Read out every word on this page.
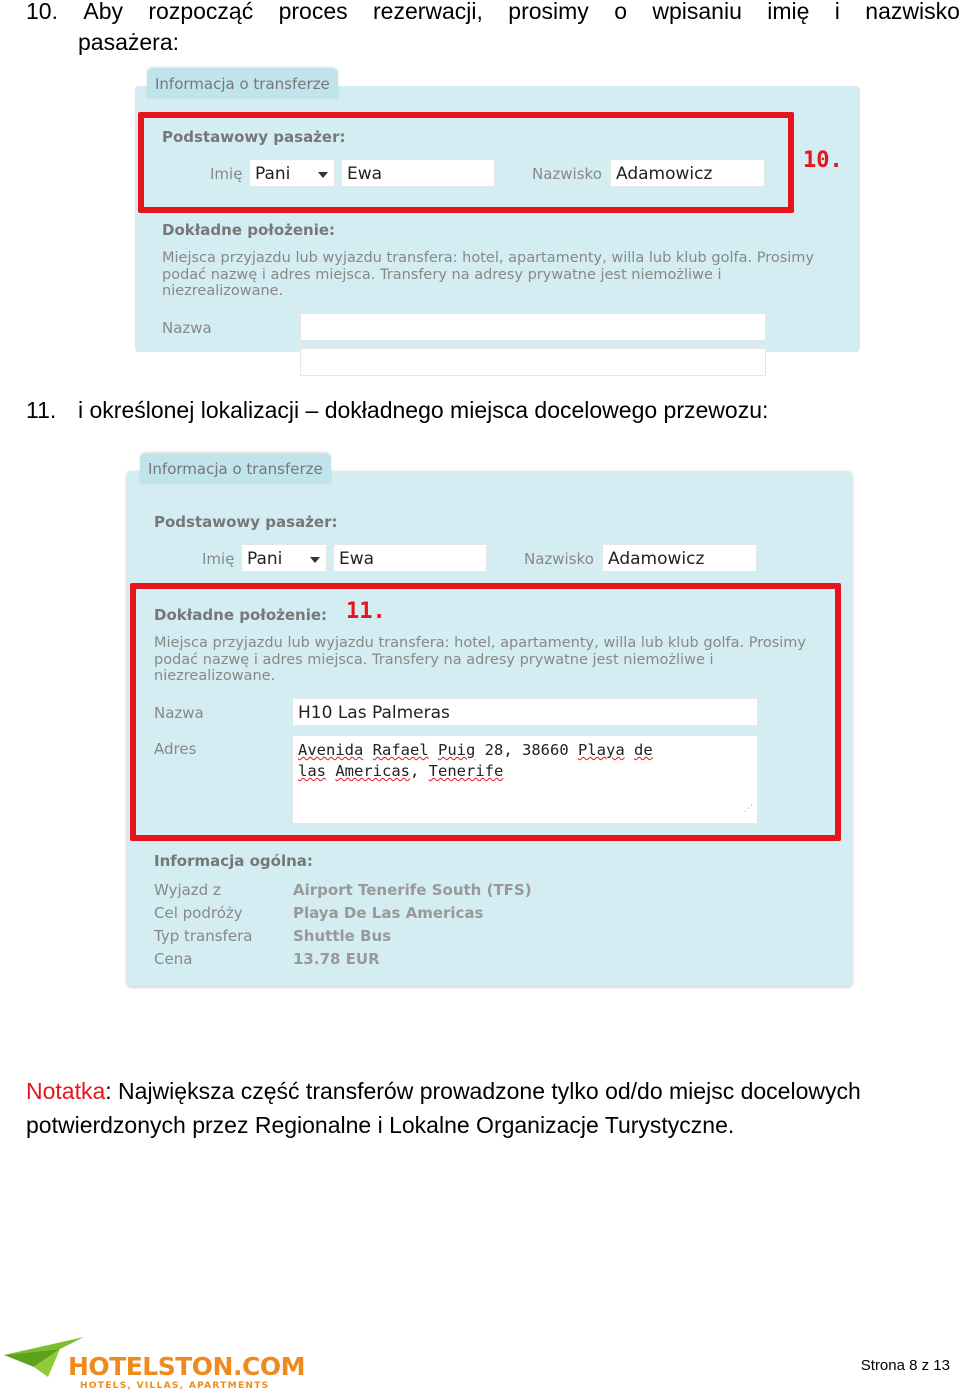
10. Aby rozpocząć proces rezerwacji, prosimy o wpisaniu imię i nazwisko
pasażera:
Informacja o transferze
Podstawowy pasażer:
Imię Pani	Ewa	Nazwisko Adamowicz
Dokładne położenie:
Miejsca przyjazdu lub wyjazdu transfera: hotel, apartamenty, willa lub klub golfa. Prosimy podać nazwę i adres miejsca. Transfery na adresy prywatne jest niemożliwe i
niezrealizowane.
Nazwa
10.
11. i określonej lokalizacji – dokładnego miejsca docelowego przewozu:
Informacja o transferze
Podstawowy pasażer:
Imię Pani	Ewa	Nazwisko Adamowicz
Dokładne położenie:
Miejsca przyjazdu lub wyjazdu transfera: hotel, apartamenty, willa lub klub golfa. Prosimy podać nazwę i adres miejsca. Transfery na adresy prywatne jest niemożliwe i
niezrealizowane.
Nazwa	H10 Las Palmeras
Adres	Avenida Rafael Puig 28, 38660 Playa de
las Americas, Tenerife
⋰
Informacja ogólna:
Wyjazd z	Airport Tenerife South (TFS)
Cel podróży	Playa De Las Americas
Typ transfera	Shuttle Bus
Cena	13.78 EUR
11.
Notatka: Największa część transferów prowadzone tylko od/do miejsc docelowych potwierdzonych przez Regionalne i Lokalne Organizacje Turystyczne.
HOTELSTON.COM
HOTELS, VILLAS, APARTMENTS
Strona 8 z 13
